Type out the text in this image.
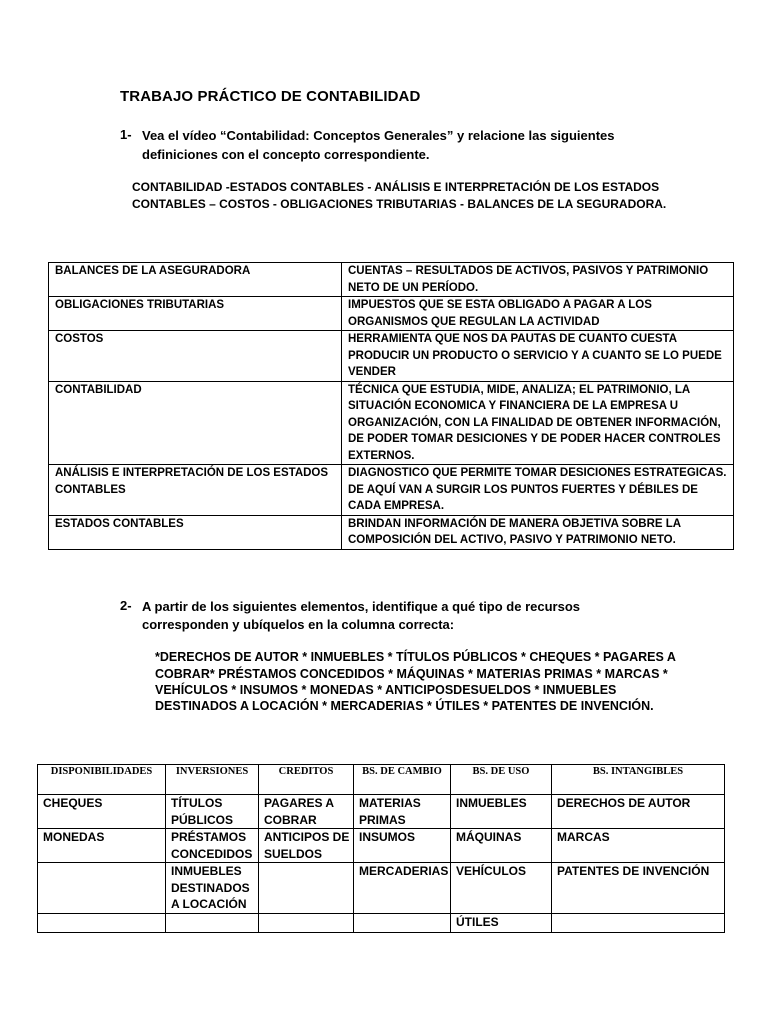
TRABAJO PRÁCTICO DE CONTABILIDAD
1- Vea el vídeo “Contabilidad: Conceptos Generales” y relacione las siguientes
definiciones con el concepto correspondiente.
CONTABILIDAD -ESTADOS CONTABLES - ANÁLISIS E INTERPRETACIÓN DE LOS ESTADOS
CONTABLES – COSTOS - OBLIGACIONES TRIBUTARIAS - BALANCES DE LA SEGURADORA.
BALANCES DE LA ASEGURADORA	CUENTAS – RESULTADOS DE ACTIVOS, PASIVOS Y PATRIMONIO NETO DE UN PERÍODO.
OBLIGACIONES TRIBUTARIAS	IMPUESTOS QUE SE ESTA OBLIGADO A PAGAR A LOS ORGANISMOS QUE REGULAN LA ACTIVIDAD
COSTOS	HERRAMIENTA QUE NOS DA PAUTAS DE CUANTO CUESTA PRODUCIR UN PRODUCTO O SERVICIO Y A CUANTO SE LO PUEDE VENDER
CONTABILIDAD	TÉCNICA QUE ESTUDIA, MIDE, ANALIZA; EL PATRIMONIO, LA SITUACIÓN ECONOMICA Y FINANCIERA DE LA EMPRESA U ORGANIZACIÓN, CON LA FINALIDAD DE OBTENER INFORMACIÓN, DE PODER TOMAR DESICIONES Y DE PODER HACER CONTROLES EXTERNOS.
ANÁLISIS E INTERPRETACIÓN DE LOS ESTADOS CONTABLES	DIAGNOSTICO QUE PERMITE TOMAR DESICIONES ESTRATEGICAS. DE AQUÍ VAN A SURGIR LOS PUNTOS FUERTES Y DÉBILES DE CADA EMPRESA.
ESTADOS CONTABLES	BRINDAN INFORMACIÓN DE MANERA OBJETIVA SOBRE LA COMPOSICIÓN DEL ACTIVO, PASIVO Y PATRIMONIO NETO.
2- A partir de los siguientes elementos, identifique a qué tipo de recursos
corresponden y ubíquelos en la columna correcta:
*DERECHOS DE AUTOR * INMUEBLES * TÍTULOS PÚBLICOS * CHEQUES * PAGARES A
COBRAR* PRÉSTAMOS CONCEDIDOS * MÁQUINAS * MATERIAS PRIMAS * MARCAS *
VEHÍCULOS * INSUMOS * MONEDAS * ANTICIPOSDESUELDOS * INMUEBLES
DESTINADOS A LOCACIÓN * MERCADERIAS * ÚTILES * PATENTES DE INVENCIÓN.
DISPONIBILIDADES	INVERSIONES	CREDITOS	BS. DE CAMBIO	BS. DE USO	BS. INTANGIBLES
CHEQUES	TÍTULOS PÚBLICOS	PAGARES A COBRAR	MATERIAS PRIMAS	INMUEBLES	DERECHOS DE AUTOR
MONEDAS	PRÉSTAMOS CONCEDIDOS	ANTICIPOS DE SUELDOS	INSUMOS	MÁQUINAS	MARCAS
	INMUEBLES DESTINADOS A LOCACIÓN		MERCADERIAS	VEHÍCULOS	PATENTES DE INVENCIÓN
				ÚTILES	
